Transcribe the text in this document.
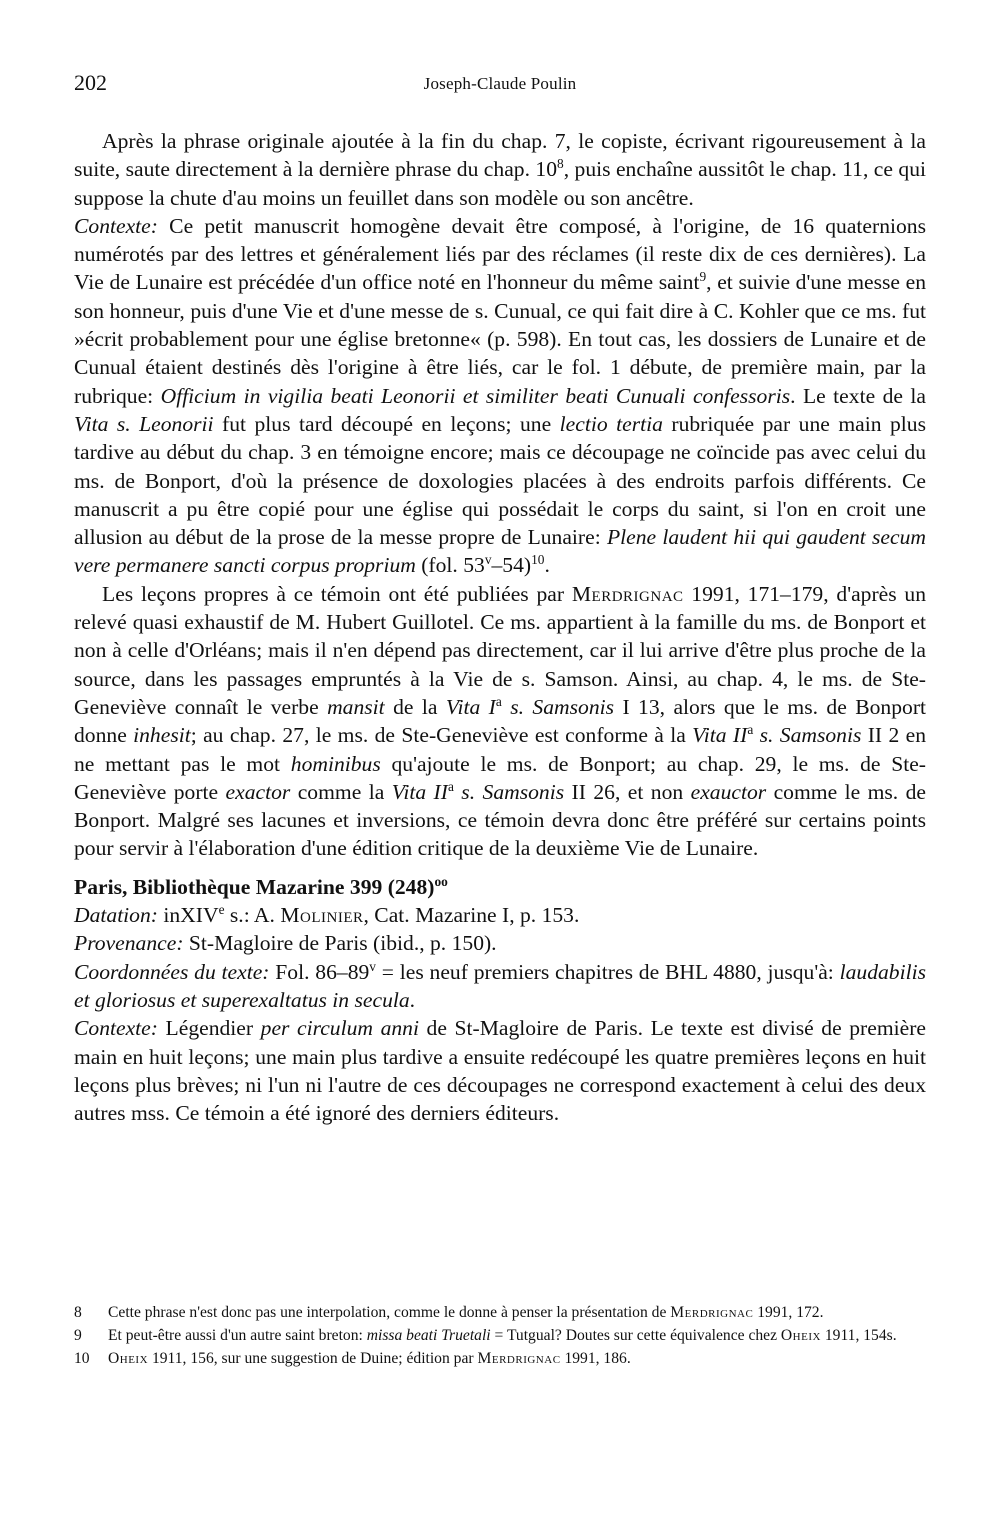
202	Joseph-Claude Poulin

Après la phrase originale ajoutée à la fin du chap. 7, le copiste, écrivant rigoureusement à la suite, saute directement à la dernière phrase du chap. $10^8$, puis enchaîne aussitôt le chap. 11, ce qui suppose la chute d'au moins un feuillet dans son modèle ou son ancêtre.

Contexte: Ce petit manuscrit homogène devait être composé, à l'origine, de 16 quaternions numérotés par des lettres et généralement liés par des réclames (il reste dix de ces dernières). La Vie de Lunaire est précédée d'un office noté en l'honneur du même saint$^9$, et suivie d'une messe en son honneur, puis d'une Vie et d'une messe de s. Cunual, ce qui fait dire à C. Kohler que ce ms. fut »écrit probablement pour une église bretonne« (p. 598). En tout cas, les dossiers de Lunaire et de Cunual étaient destinés dès l'origine à être liés, car le fol. 1 débute, de première main, par la rubrique: Officium in vigilia beati Leonorii et similiter beati Cunuali confessoris. Le texte de la Vita s. Leonorii fut plus tard découpé en leçons; une lectio tertia rubriquée par une main plus tardive au début du chap. 3 en témoigne encore; mais ce découpage ne coïncide pas avec celui du ms. de Bonport, d'où la présence de doxologies placées à des endroits parfois différents. Ce manuscrit a pu être copié pour une église qui possédait le corps du saint, si l'on en croit une allusion au début de la prose de la messe propre de Lunaire: Plene laudent hii qui gaudent secum vere permanere sancti corpus proprium (fol. 53$^v$–54)$^{10}$.

Les leçons propres à ce témoin ont été publiées par Merdrignac 1991, 171–179, d'après un relevé quasi exhaustif de M. Hubert Guillotel. Ce ms. appartient à la famille du ms. de Bonport et non à celle d'Orléans; mais il n'en dépend pas directement, car il lui arrive d'être plus proche de la source, dans les passages empruntés à la Vie de s. Samson. Ainsi, au chap. 4, le ms. de Ste-Geneviève connaît le verbe mansit de la Vita $I^a$ s. Samsonis I 13, alors que le ms. de Bonport donne inhesit; au chap. 27, le ms. de Ste-Geneviève est conforme à la Vita $II^a$ s. Samsonis II 2 en ne mettant pas le mot hominibus qu'ajoute le ms. de Bonport; au chap. 29, le ms. de Ste-Geneviève porte exactor comme la Vita $II^a$ s. Samsonis II 26, et non exauctor comme le ms. de Bonport. Malgré ses lacunes et inversions, ce témoin devra donc être préféré sur certains points pour servir à l'élaboration d'une édition critique de la deuxième Vie de Lunaire.

Paris, Bibliothèque Mazarine 399 $(248)^{oo}$

Datation: inXIV$^e$ s.: A. Molinier, Cat. Mazarine I, p. 153.

Provenance: St-Magloire de Paris (ibid., p. 150).

Coordonnées du texte: Fol. $86-89^v$ = les neuf premiers chapitres de BHL 4880, jusqu'à: laudabilis et gloriosus et superexaltatus in secula.

Contexte: Légendier per circulum anni de St-Magloire de Paris. Le texte est divisé de première main en huit leçons; une main plus tardive a ensuite redécoupé les quatre premières leçons en huit leçons plus brèves; ni l'un ni l'autre de ces découpages ne correspond exactement à celui des deux autres mss. Ce témoin a été ignoré des derniers éditeurs.

8 Cette phrase n'est donc pas une interpolation, comme le donne à penser la présentation de Merdrignac 1991, 172.
9 Et peut-être aussi d'un autre saint breton: missa beati Truetali = Tutgual? Doutes sur cette équivalence chez Oheix 1911, 154s.
10 Oheix 1911, 156, sur une suggestion de Duine; édition par Merdrignac 1991, 186.
